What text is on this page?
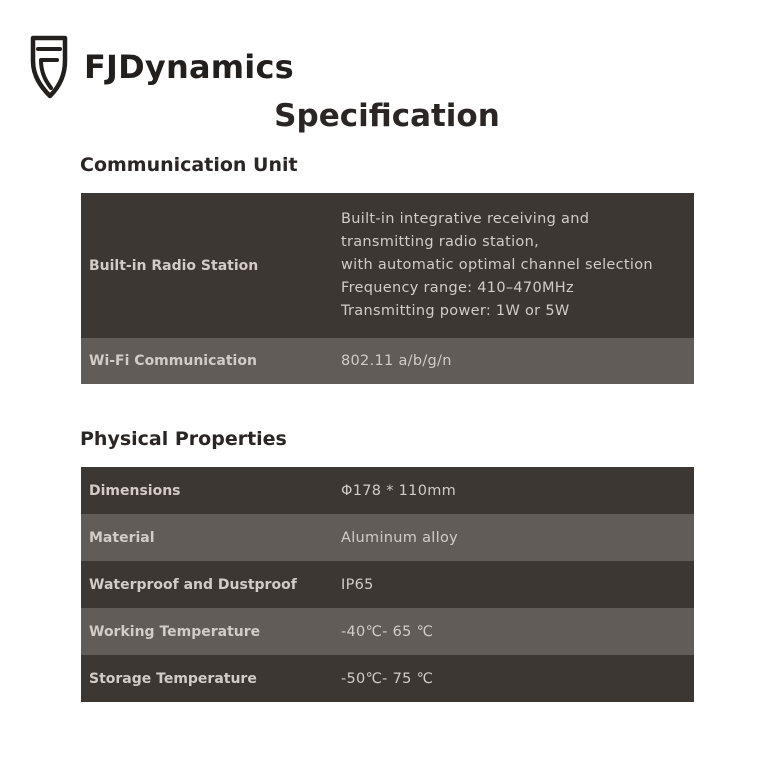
FJDynamics
Specification
Communication Unit
Built-in Radio Station	Built-in integrative receiving and
transmitting radio station,
with automatic optimal channel selection
Frequency range: 410–470MHz
Transmitting power: 1W or 5W

Wi-Fi Communication	802.11 a/b/g/n
Physical Properties
Dimensions	Φ178 * 110mm
Material	Aluminum alloy
Waterproof and Dustproof	IP65
Working Temperature	-40℃- 65 ℃
Storage Temperature	-50℃- 75 ℃
